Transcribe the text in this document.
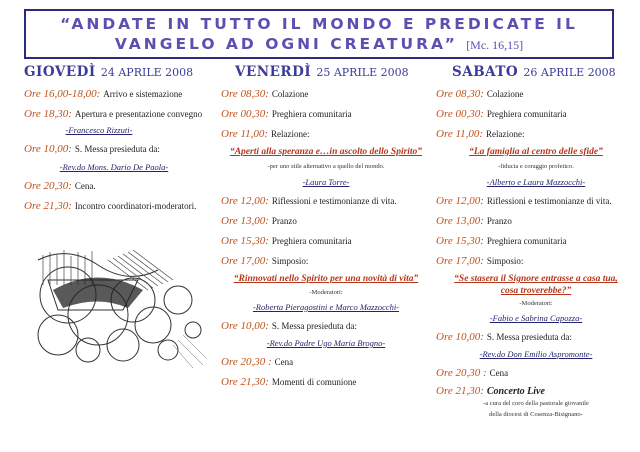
“ANDATE IN TUTTO IL MONDO E PREDICATE IL
VANGELO AD OGNI CREATURA” [Mc. 16,15]
GIOVEDÌ 24 APRILE 2008
Ore 16,00-18,00: Arrivo e sistemazione
Ore 18,30: Apertura e presentazione convegno
-Francesco Rizzuti-
Ore 10,00: S. Messa presieduta da:
-Rev.do Mons. Dario De Paola-
Ore 20,30: Cena.
Ore 21,30: Incontro coordinatori-moderatori.
VENERDÌ 25 APRILE 2008
Ore 08,30: Colazione
Ore 00,30: Preghiera comunitaria
Ore 11,00: Relazione:
“Aperti alla speranza e…in ascolto dello Spirito”
-per uno stile alternativo a quello del mondo.
-Laura Torre-
Ore 12,00: Riflessioni e testimonianze di vita.
Ore 13,00: Pranzo
Ore 15,30: Preghiera comunitaria
Ore 17,00: Simposio:
“Rinnovati nello Spirito per una novità di vita”
-Moderatori:
-Roberta Pieragostini e Marco Mazzocchi-
Ore 10,00: S. Messa presieduta da:
-Rev.do Padre Ugo Maria Brogno-
Ore 20,30 : Cena
Ore 21,30: Momenti di comunione
SABATO 26 APRILE 2008
Ore 08,30: Colazione
Ore 00,30: Preghiera comunitaria
Ore 11,00: Relazione:
“La famiglia al centro delle sfide”
-fiducia e coraggio profetico.
-Alberto e Laura Mazzocchi-
Ore 12,00: Riflessioni e testimonianze di vita.
Ore 13,00: Pranzo
Ore 15,30: Preghiera comunitaria
Ore 17,00: Simposio:
“Se stasera il Signore entrasse a casa tua,
cosa troverebbe?”
-Moderatori:
-Fabio e Sabrina Capozza-
Ore 10,00: S. Messa presieduta da:
-Rev.do Don Emilio Aspromonte-
Ore 20,30 : Cena
Ore 21,30: Concerto Live
-a cura del coro della pastorale giovanile
della diocesi di Cosenza-Bisignano-
